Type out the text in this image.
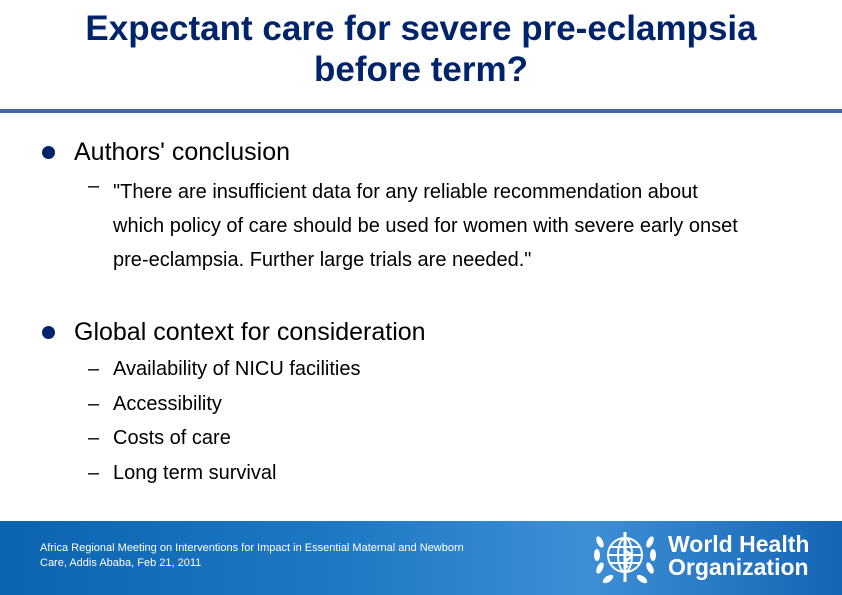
Expectant care for severe pre-eclampsia
before term?
Authors' conclusion
– "There are insufficient data for any reliable recommendation about which policy of care should be used for women with severe early onset pre-eclampsia. Further large trials are needed."
Global context for consideration
– Availability of NICU facilities
– Accessibility
– Costs of care
– Long term survival
Africa Regional Meeting on Interventions for Impact in Essential Maternal and Newborn
Care, Addis Ababa, Feb 21, 2011
World Health
Organization
